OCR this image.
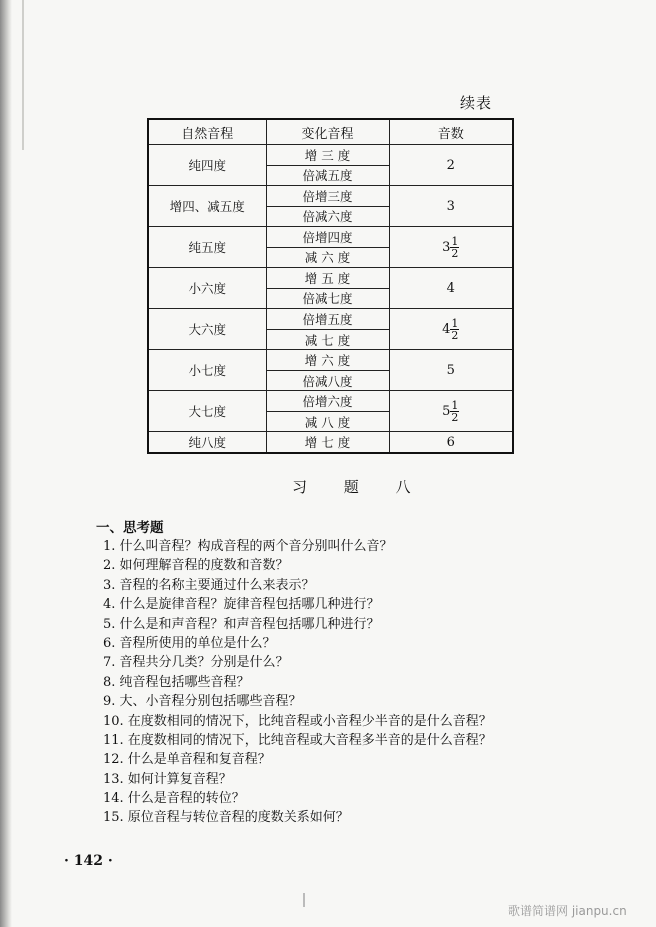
续表
自然音程	变化音程	音数
纯四度	增 三 度	2
	倍减五度	
增四、减五度	倍增三度	3
	倍减六度	
纯五度	倍增四度	$3 \frac{1}{2}$

	减 六 度	
小六度	增 五 度	4
	倍减七度	
大六度	倍增五度	$4 \frac{1}{2}$

	减 七 度	
小七度	增 六 度	5
	倍减八度	
大七度	倍增六度	$5 \frac{1}{2}$

	减 八 度	
纯八度	增 七 度	6
习 题 八
一、思考题
1. 什么叫音程？构成音程的两个音分别叫什么音？
2. 如何理解音程的度数和音数？
3. 音程的名称主要通过什么来表示？
4. 什么是旋律音程？旋律音程包括哪几种进行？
5. 什么是和声音程？和声音程包括哪几种进行？
6. 音程所使用的单位是什么？
7. 音程共分几类？分别是什么？
8. 纯音程包括哪些音程？
9. 大、小音程分别包括哪些音程？
10. 在度数相同的情况下，比纯音程或小音程少半音的是什么音程？
11. 在度数相同的情况下，比纯音程或大音程多半音的是什么音程？
12. 什么是单音程和复音程？
13. 如何计算复音程？
14. 什么是音程的转位？
15. 原位音程与转位音程的度数关系如何？
· 142 ·
歌谱简谱网 jianpu.cn
